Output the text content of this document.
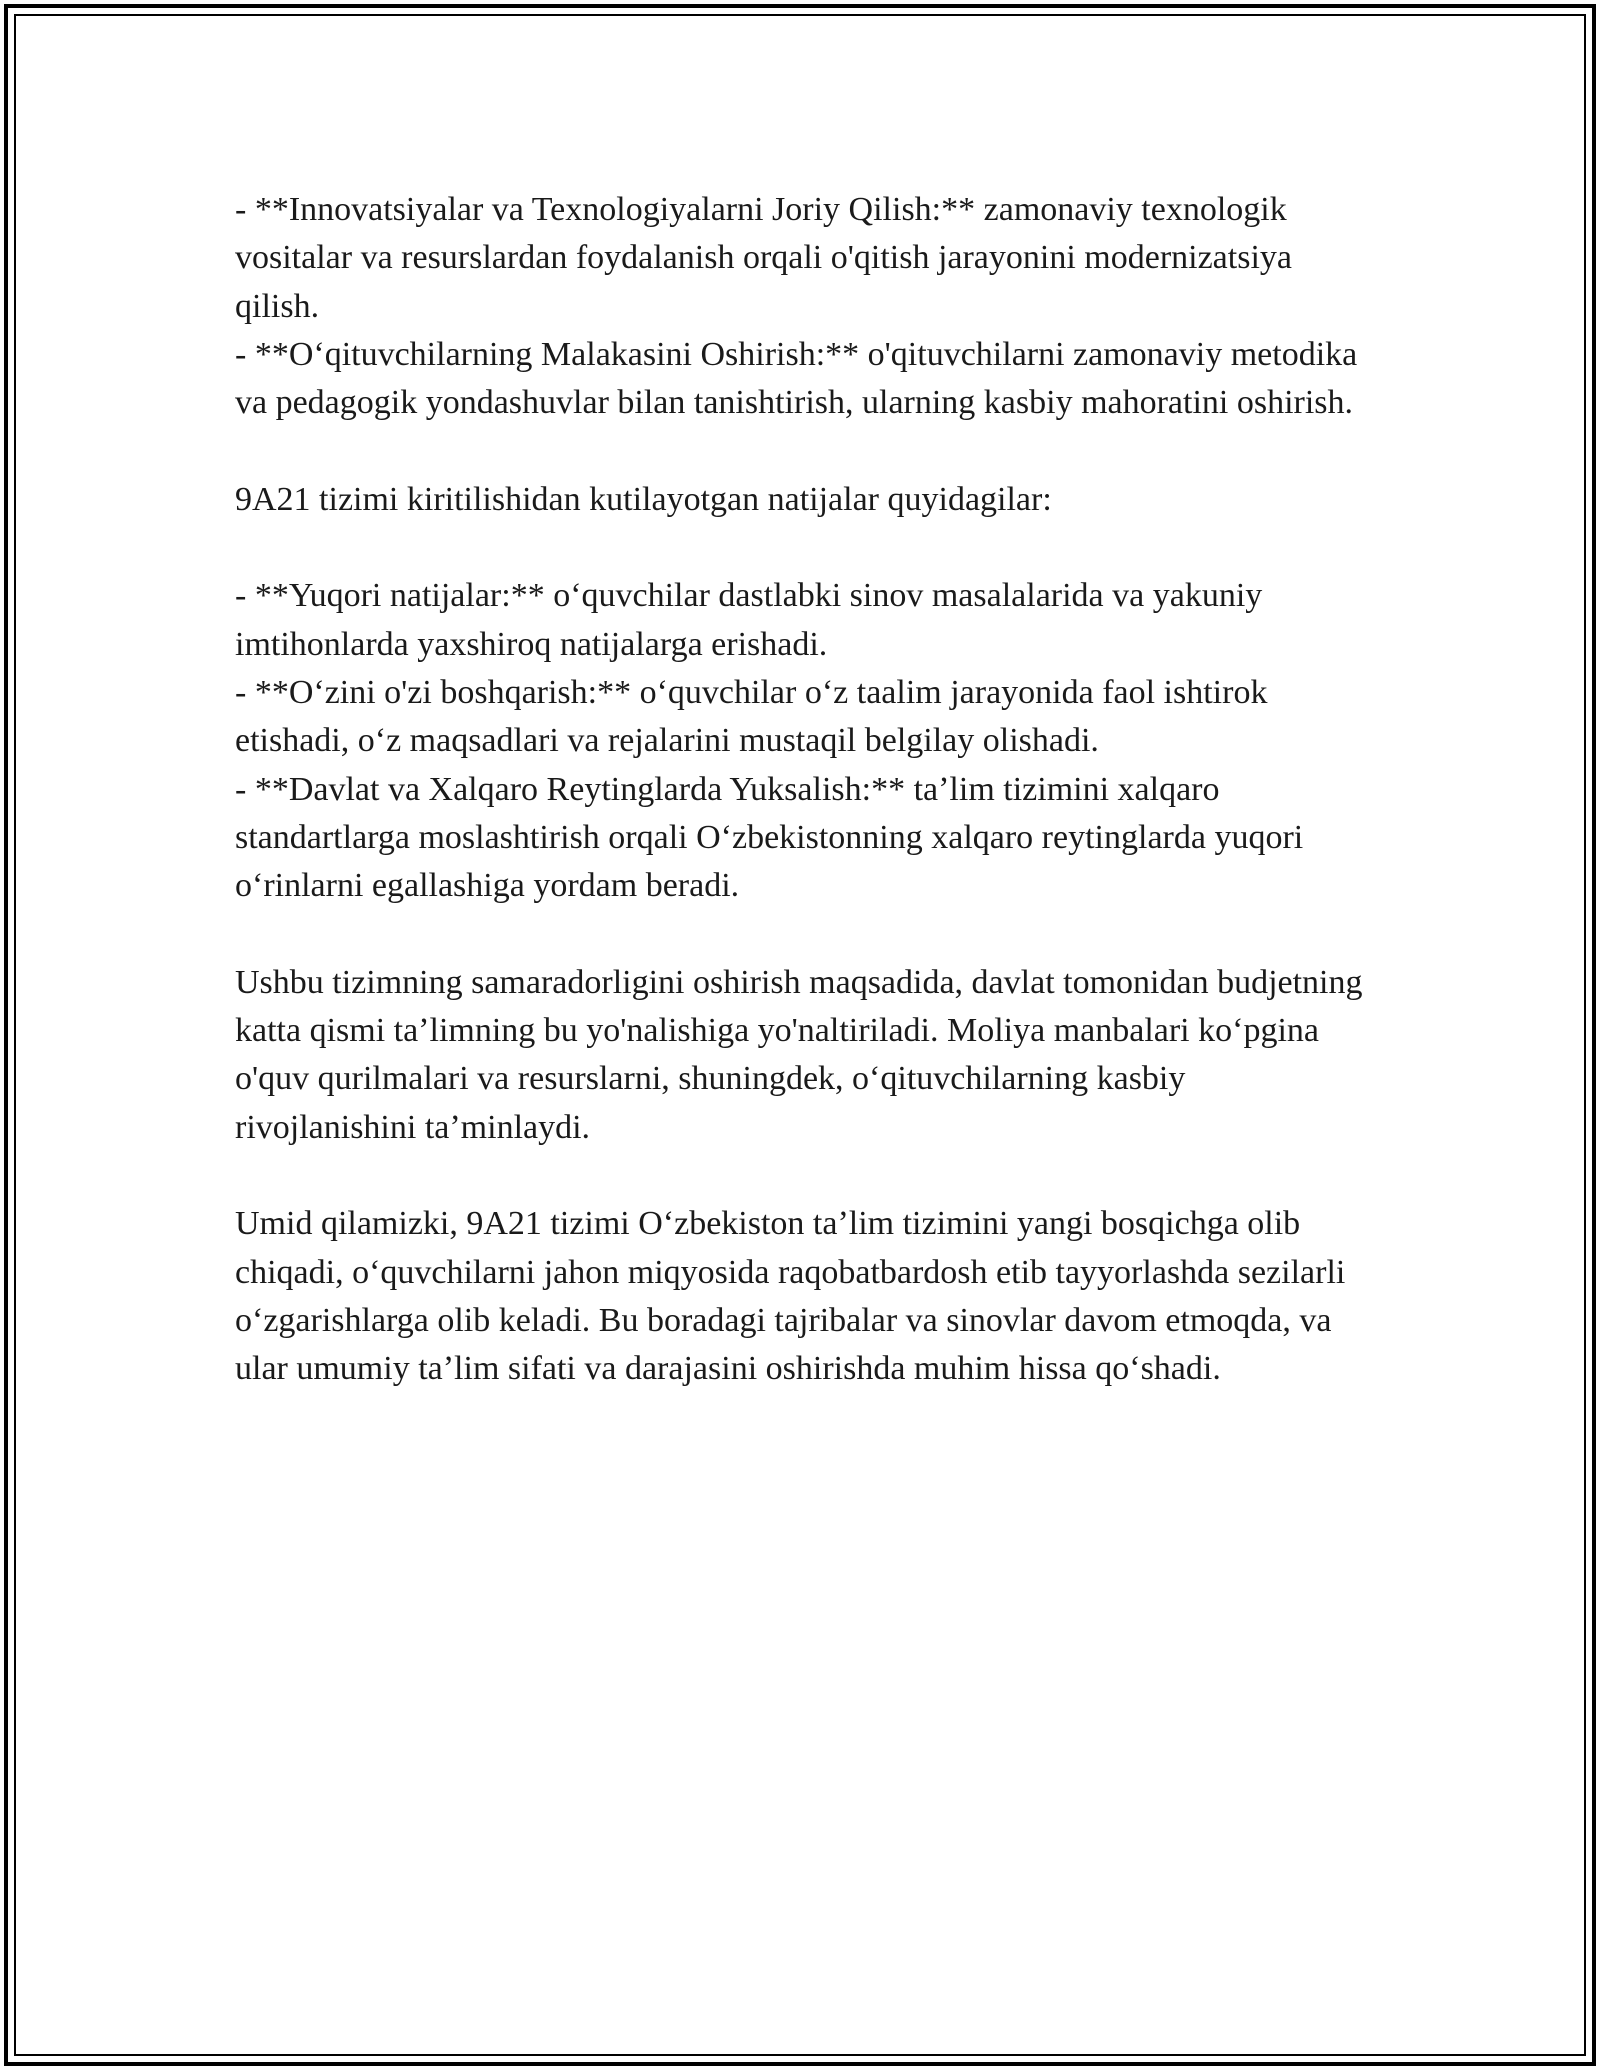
- **Innovatsiyalar va Texnologiyalarni Joriy Qilish:** zamonaviy texnologik vositalar va resurslardan foydalanish orqali o'qitish jarayonini modernizatsiya qilish.

- **Oʻqituvchilarning Malakasini Oshirish:** o'qituvchilarni zamonaviy metodika va pedagogik yondashuvlar bilan tanishtirish, ularning kasbiy mahoratini oshirish.

9A21 tizimi kiritilishidan kutilayotgan natijalar quyidagilar:

- **Yuqori natijalar:** oʻquvchilar dastlabki sinov masalalarida va yakuniy imtihonlarda yaxshiroq natijalarga erishadi.

- **Oʻzini o'zi boshqarish:** oʻquvchilar oʻz taalim jarayonida faol ishtirok etishadi, oʻz maqsadlari va rejalarini mustaqil belgilay olishadi.

- **Davlat va Xalqaro Reytinglarda Yuksalish:** taʼlim tizimini xalqaro standartlarga moslashtirish orqali Oʻzbekistonning xalqaro reytinglarda yuqori oʻrinlarni egallashiga yordam beradi.

Ushbu tizimning samaradorligini oshirish maqsadida, davlat tomonidan budjetning katta qismi taʼlimning bu yo'nalishiga yo'naltiriladi. Moliya manbalari koʻpgina o'quv qurilmalari va resurslarni, shuningdek, oʻqituvchilarning kasbiy rivojlanishini taʼminlaydi.

Umid qilamizki, 9A21 tizimi Oʻzbekiston taʼlim tizimini yangi bosqichga olib chiqadi, oʻquvchilarni jahon miqyosida raqobatbardosh etib tayyorlashda sezilarli oʻzgarishlarga olib keladi. Bu boradagi tajribalar va sinovlar davom etmoqda, va ular umumiy taʼlim sifati va darajasini oshirishda muhim hissa qoʻshadi.
